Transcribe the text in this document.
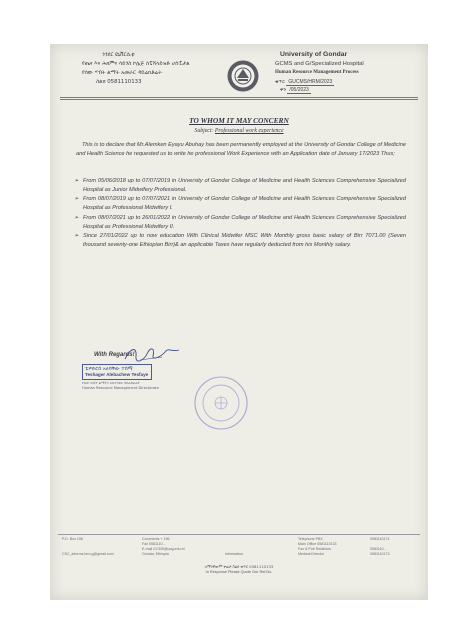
ጎንደር ዩኒቨርሲቲ
የጤና እና ሕክምና ሳይንስ ኮሌጅ ስፔሻላይዝድ ሆስፒታል
የሰው ሃብት ልማት አመራር ዳይሬክቶሬት
ስልክ 0581110133
University of Gondar
GCMS and G/Specialized Hospital
Human Resource Management Process
ቁጥር GUCMS/HRM/2023
ቀን /05/2023
TO WHOM IT MAY CONCERN
Subject: Professional work experience
This is to declare that Mr.Alemken Eyayu Abuhay has been permanently employed at the University of Gondar College of Medicine and Health Science he requested us to write he professional Work Experience with an Application date of January 17/2023 Thus;
➢ From 05/06/2018 up to 07/07/2019 in University of Gondar College of Medicine and Health Sciences Comprehensive Specialized Hospital as Junior Midwifery Professional.
➢ From 08/07/2019 up to 07/07/2021 in University of Gondar College of Medicine and Health Sciences Comprehensive Specialized Hospital as Professional Midwifery I.
➢ From 08/07/2021 up to 26/01/2022 in University of Gondar College of Medicine and Health Sciences Comprehensive Specialized Hospital as Professional Midwifery II.
➢ Since 27/01/2022 up to now education With Clinical Midwifer MSC With Monthly gross basic salary of Birr 7071.00 (Seven thousand seventy-one Ethiopian Birr)& an applicable Taxes have regularly deducted from his Monthly salary.
With Regards!
ቴዎድሮስ አለባቸው ተሰማ
Teshager Alebachew Tesfaye
የሰው ሀብት ልማትና አስተዳደር ዳይሬክቶሬት
Human Resource Management Directorate
P.O. Box 196

CSC_informs.hrm.g@gmail.com
Comments + 196
Fax 0581110...
E-mail GCMS@uog.edu.et
Gondar, Ethiopia

	Information
Telephone PBX
Main Office 0581110133
Fax & Pub Relations
Medical Director
0581110174

0581110...
0581110173
ለማንኛውም ቅሬታ ስልክ ቁጥር 0581110133
In Response Please Quote Our Ref.No.
